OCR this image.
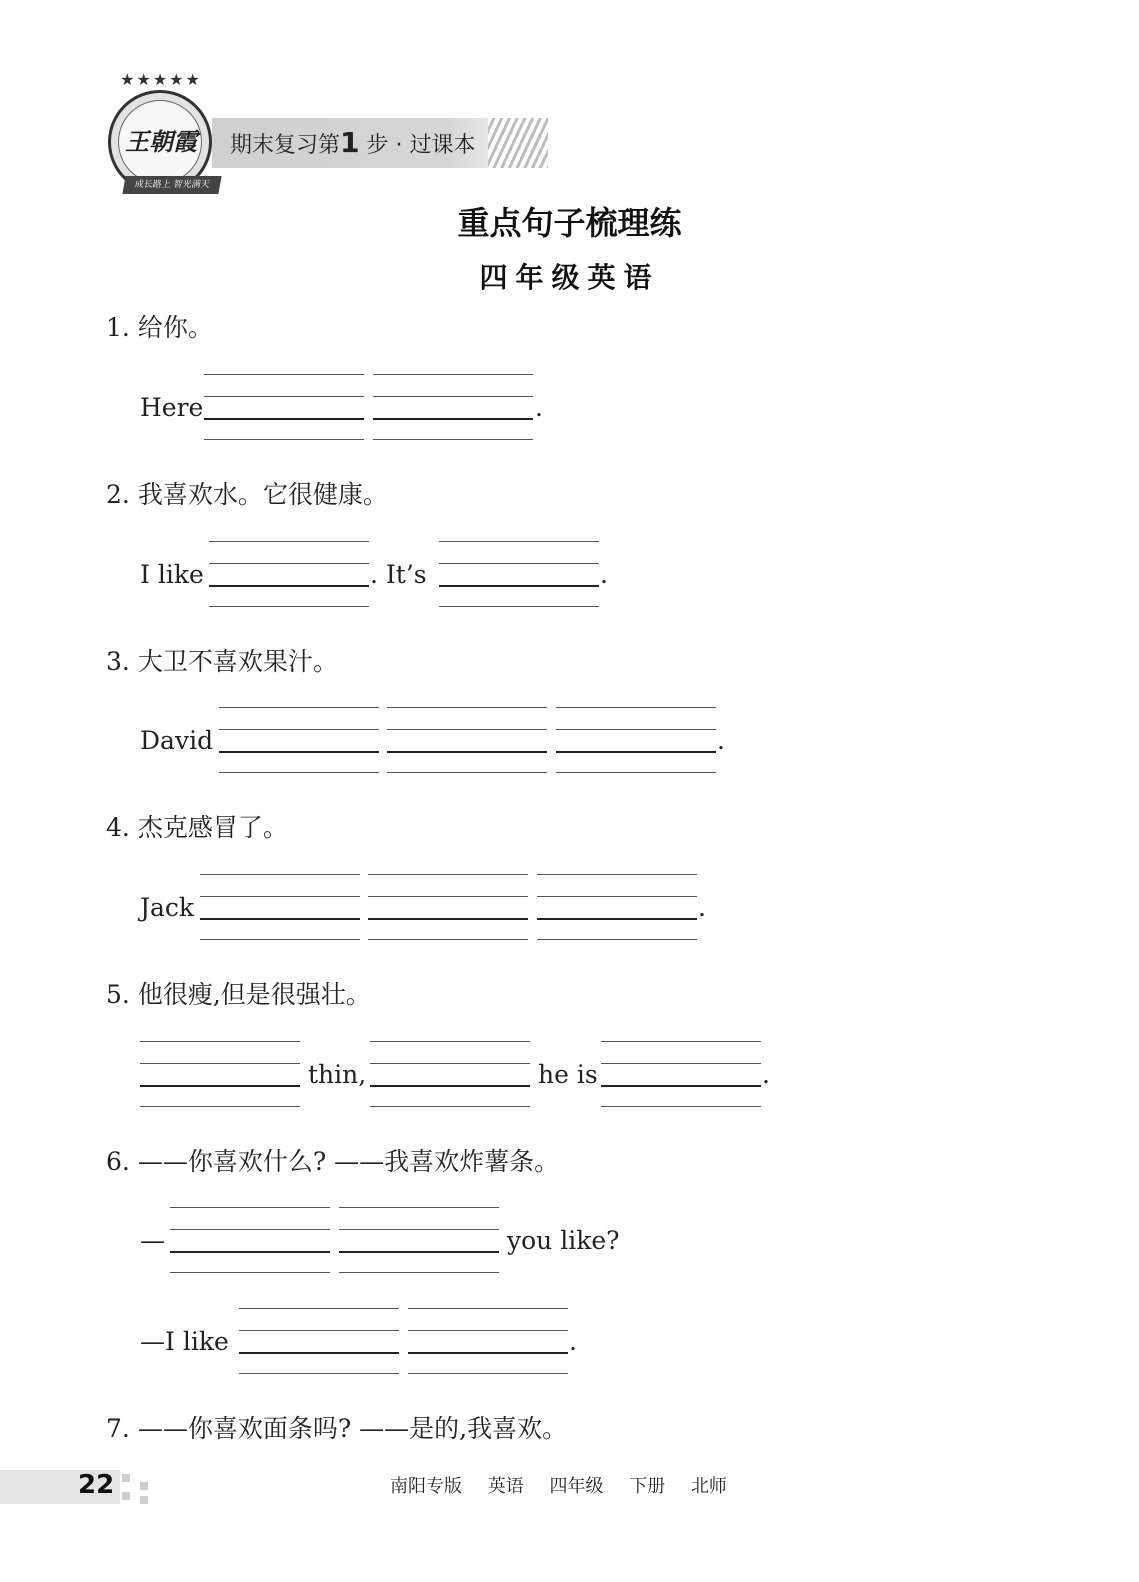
★★★★★
王朝霞
成长路上 智光满天
期末复习第1 步 · 过课本
重点句子梳理练
四年级英语
1. 给你。
Here	.
2. 我喜欢水。它很健康。
I like	. It’s	.
3. 大卫不喜欢果汁。
David	.
4. 杰克感冒了。
Jack	.
5. 他很瘦,但是很强壮。
thin,	he is	.
6. ——你喜欢什么? ——我喜欢炸薯条。
—	you like?
—I like	.
7. ——你喜欢面条吗? ——是的,我喜欢。
22	南阳专版 英语 四年级 下册 北师
